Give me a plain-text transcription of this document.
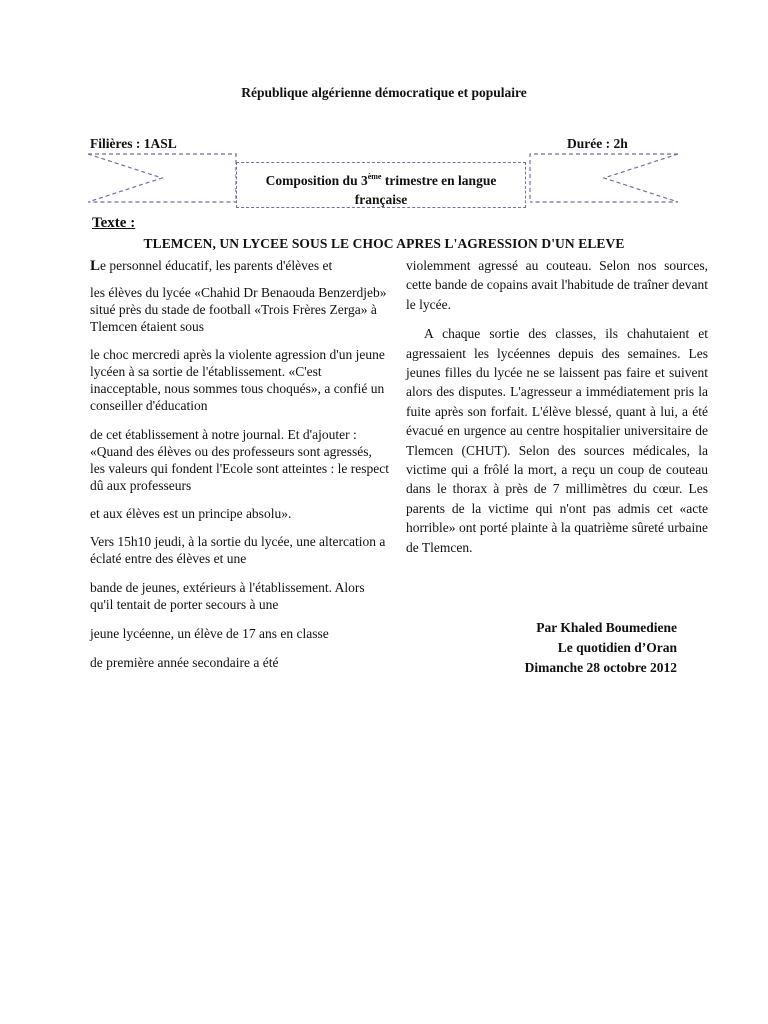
République algérienne démocratique et populaire
Filières : 1ASL	Durée : 2h
Composition du 3ème trimestre en langue
française
Texte :
TLEMCEN, UN LYCEE SOUS LE CHOC APRES L'AGRESSION D'UN ELEVE
Le personnel éducatif, les parents d'élèves et
les élèves du lycée «Chahid Dr Benaouda Benzerdjeb» situé près du stade de football «Trois Frères Zerga» à Tlemcen étaient sous
le choc mercredi après la violente agression d'un jeune lycéen à sa sortie de l'établissement. «C'est inacceptable, nous sommes tous choqués», a confié un conseiller d'éducation
de cet établissement à notre journal. Et d'ajouter : «Quand des élèves ou des professeurs sont agressés, les valeurs qui fondent l'Ecole sont atteintes : le respect dû aux professeurs
et aux élèves est un principe absolu».
Vers 15h10 jeudi, à la sortie du lycée, une altercation a éclaté entre des élèves et une
bande de jeunes, extérieurs à l'établissement. Alors qu'il tentait de porter secours à une
jeune lycéenne, un élève de 17 ans en classe
de première année secondaire a été

violemment agressé au couteau. Selon nos sources, cette bande de copains avait l'habitude de traîner devant le lycée.

A chaque sortie des classes, ils chahutaient et agressaient les lycéennes depuis des semaines. Les jeunes filles du lycée ne se laissent pas faire et suivent alors des disputes. L'agresseur a immédiatement pris la fuite après son forfait. L'élève blessé, quant à lui, a été évacué en urgence au centre hospitalier universitaire de Tlemcen (CHUT). Selon des sources médicales, la victime qui a frôlé la mort, a reçu un coup de couteau dans le thorax à près de 7 millimètres du cœur. Les parents de la victime qui n'ont pas admis cet «acte horrible» ont porté plainte à la quatrième sûreté urbaine de Tlemcen.

Par Khaled Boumediene
Le quotidien d’Oran
Dimanche 28 octobre 2012
